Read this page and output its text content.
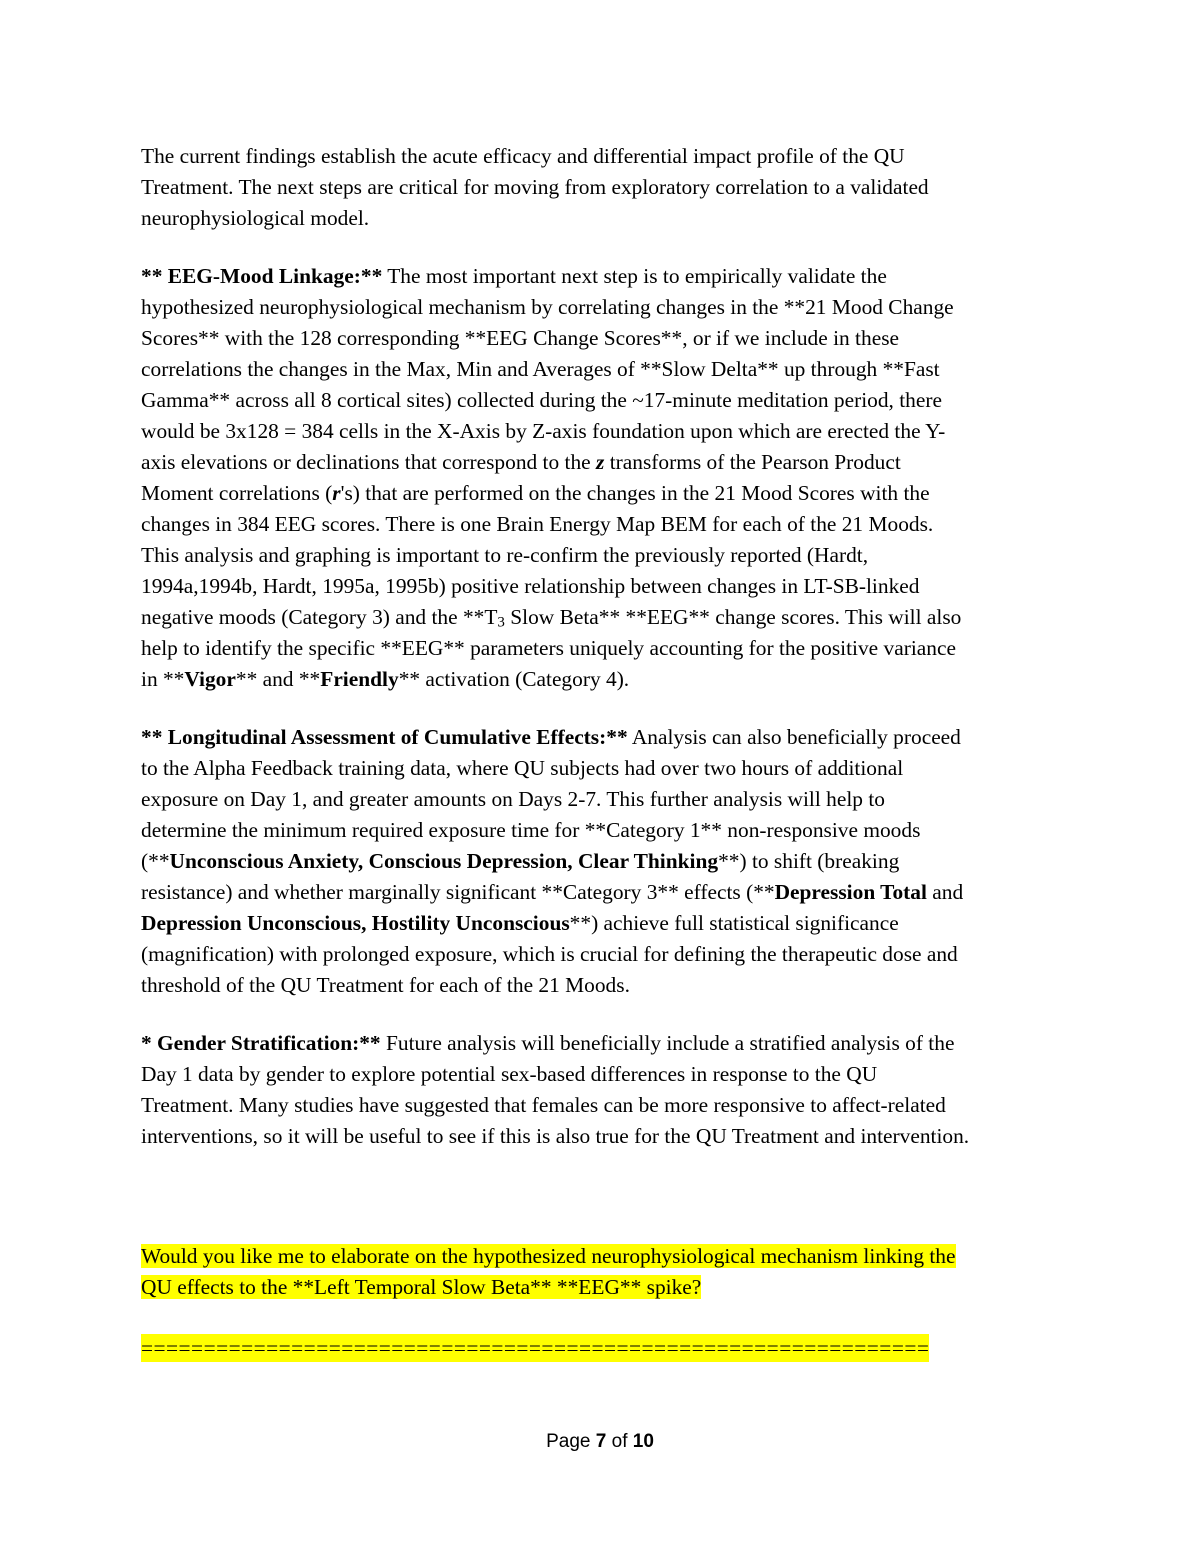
The current findings establish the acute efficacy and differential impact profile of the QU
Treatment. The next steps are critical for moving from exploratory correlation to a validated
neurophysiological model.

** EEG-Mood Linkage:** The most important next step is to empirically validate the
hypothesized neurophysiological mechanism by correlating changes in the **21 Mood Change
Scores** with the 128 corresponding **EEG Change Scores**, or if we include in these
correlations the changes in the Max, Min and Averages of **Slow Delta** up through **Fast
Gamma** across all 8 cortical sites) collected during the ~17-minute meditation period, there
would be 3x128 = 384 cells in the X-Axis by Z-axis foundation upon which are erected the Y-
axis elevations or declinations that correspond to the z transforms of the Pearson Product
Moment correlations (r's) that are performed on the changes in the 21 Mood Scores with the
changes in 384 EEG scores. There is one Brain Energy Map BEM for each of the 21 Moods.
This analysis and graphing is important to re-confirm the previously reported (Hardt,
1994a,1994b, Hardt, 1995a, 1995b) positive relationship between changes in LT-SB-linked
negative moods (Category 3) and the $**T_3$ Slow Beta** **EEG** change scores. This will also
help to identify the specific **EEG** parameters uniquely accounting for the positive variance
in **Vigor** and **Friendly** activation (Category 4).

** Longitudinal Assessment of Cumulative Effects:** Analysis can also beneficially proceed
to the Alpha Feedback training data, where QU subjects had over two hours of additional
exposure on Day 1, and greater amounts on Days 2-7. This further analysis will help to
determine the minimum required exposure time for **Category 1** non-responsive moods
(**Unconscious Anxiety, Conscious Depression, Clear Thinking**) to shift (breaking
resistance) and whether marginally significant **Category 3** effects (**Depression Total and
Depression Unconscious, Hostility Unconscious**) achieve full statistical significance
(magnification) with prolonged exposure, which is crucial for defining the therapeutic dose and
threshold of the QU Treatment for each of the 21 Moods.

* Gender Stratification:** Future analysis will beneficially include a stratified analysis of the
Day 1 data by gender to explore potential sex-based differences in response to the QU
Treatment. Many studies have suggested that females can be more responsive to affect-related
interventions, so it will be useful to see if this is also true for the QU Treatment and intervention.

Would you like me to elaborate on the hypothesized neurophysiological mechanism linking the
QU effects to the **Left Temporal Slow Beta** **EEG** spike?
===============================================================
Page 7 of 10
